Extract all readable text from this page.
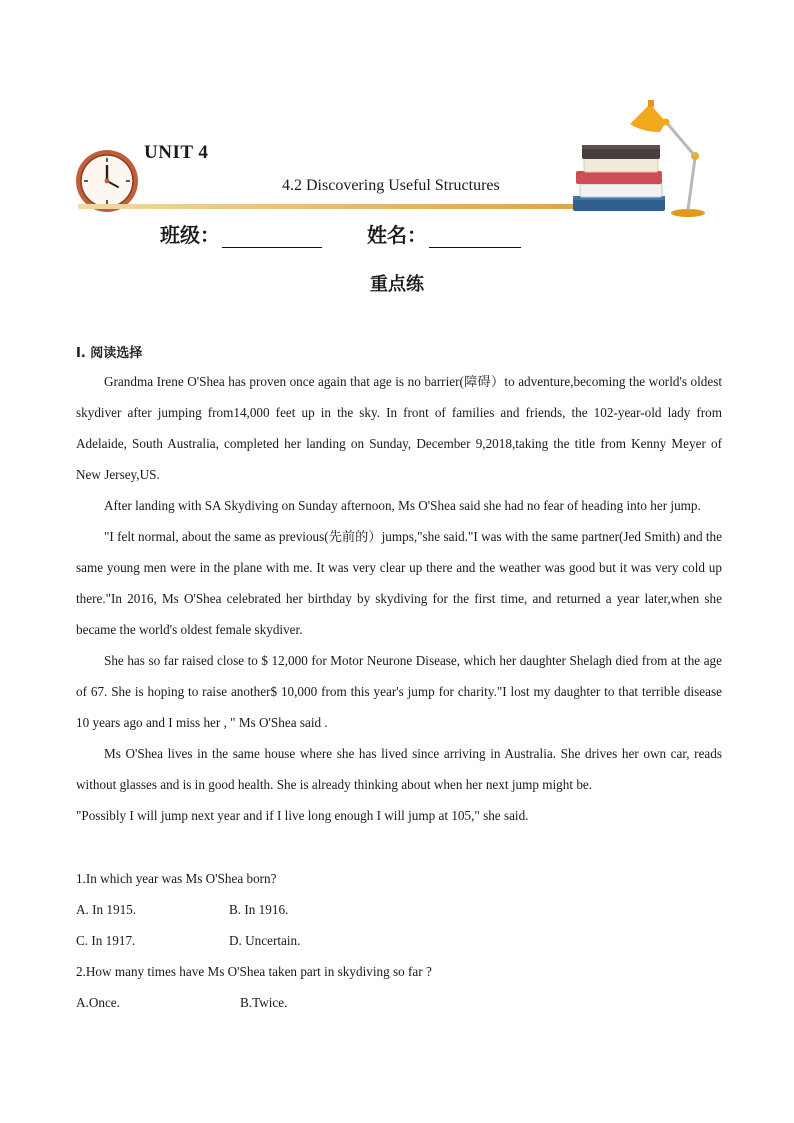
UNIT 4
4.2 Discovering Useful Structures
班级：	姓名：
重点练
I. 阅读选择

Grandma Irene O'Shea has proven once again that age is no barrier(障碍）to adventure,becoming the world's oldest skydiver after jumping from14,000 feet up in the sky. In front of families and friends, the 102-year-old lady from Adelaide, South Australia, completed her landing on Sunday, December 9,2018,taking the title from Kenny Meyer of New Jersey,US.

After landing with SA Skydiving on Sunday afternoon, Ms O'Shea said she had no fear of heading into her jump.

"I felt normal, about the same as previous(先前的）jumps,"she said."I was with the same partner(Jed Smith) and the same young men were in the plane with me. It was very clear up there and the weather was good but it was very cold up there."In 2016, Ms O'Shea celebrated her birthday by skydiving for the first time, and returned a year later,when she became the world's oldest female skydiver.

She has so far raised close to $ 12,000 for Motor Neurone Disease, which her daughter Shelagh died from at the age of 67. She is hoping to raise another$ 10,000 from this year's jump for charity."I lost my daughter to that terrible disease 10 years ago and I miss her , " Ms O'Shea said .

Ms O'Shea lives in the same house where she has lived since arriving in Australia. She drives her own car, reads without glasses and is in good health. She is already thinking about when her next jump might be.

"Possibly I will jump next year and if I live long enough I will jump at 105," she said.

1.In which year was Ms O'Shea born?
A. In 1915.	B. In 1916.
C. In 1917.	D. Uncertain.
2.How many times have Ms O'Shea taken part in skydiving so far ?
A.Once.	B.Twice.
